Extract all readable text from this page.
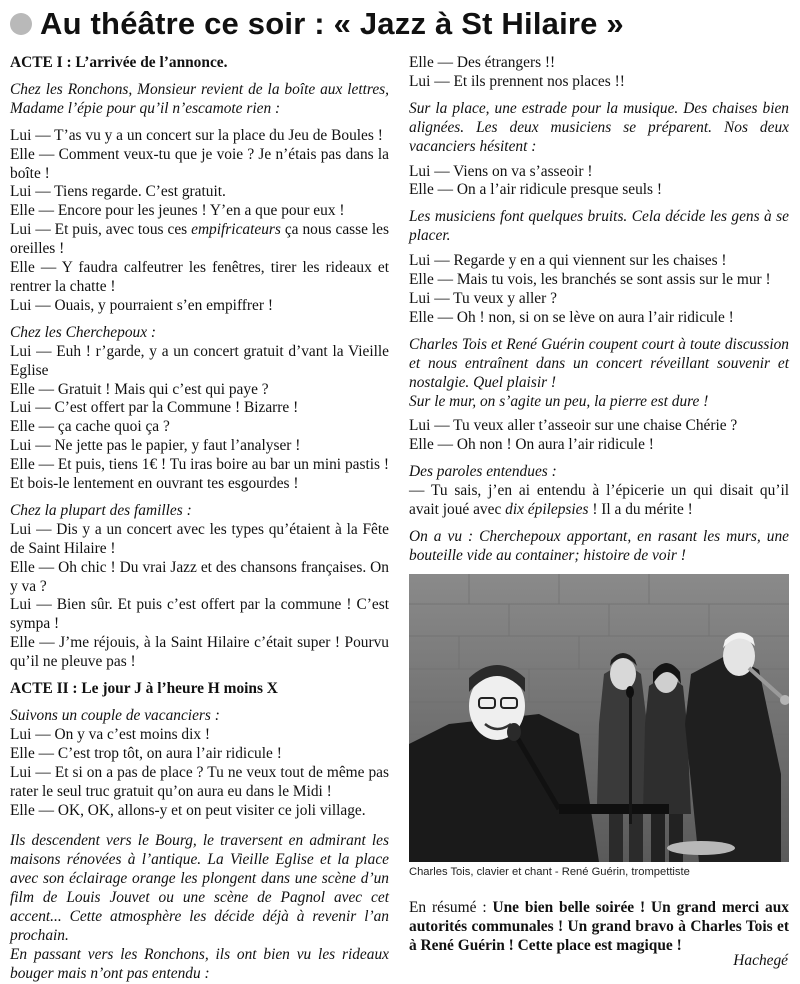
Au théâtre ce soir : « Jazz à St Hilaire »

ACTE I : L’arrivée de l’annonce.

Chez les Ronchons, Monsieur revient de la boîte aux lettres, Madame l’épie pour qu’il n’escamote rien :

Lui — T’as vu y a un concert sur la place du Jeu de Boules !

Elle — Comment veux-tu que je voie ? Je n’étais pas dans la boîte !

Lui — Tiens regarde. C’est gratuit.

Elle — Encore pour les jeunes ! Y’en a que pour eux !

Lui — Et puis, avec tous ces empifricateurs ça nous casse les oreilles !

Elle — Y faudra calfeutrer les fenêtres, tirer les rideaux et rentrer la chatte !

Lui — Ouais, y pourraient s’en empiffrer !

Chez les Cherchepoux :

Lui — Euh ! r’garde, y a un concert gratuit d’vant la Vieille Eglise

Elle — Gratuit ! Mais qui c’est qui paye ?

Lui — C’est offert par la Commune ! Bizarre !

Elle — ça cache quoi ça ?

Lui — Ne jette pas le papier, y faut l’analyser !

Elle — Et puis, tiens 1€ ! Tu iras boire au bar un mini pastis ! Et bois-le lentement en ouvrant tes esgourdes !

Chez la plupart des familles :

Lui — Dis y a un concert avec les types qu’étaient à la Fête de Saint Hilaire !

Elle — Oh chic ! Du vrai Jazz et des chansons françaises. On y va ?

Lui — Bien sûr. Et puis c’est offert par la commune ! C’est sympa !

Elle — J’me réjouis, à la Saint Hilaire c’était super ! Pourvu qu’il ne pleuve pas !

ACTE II : Le jour J à l’heure H moins X

Suivons un couple de vacanciers :

Lui — On y va c’est moins dix !

Elle — C’est trop tôt, on aura l’air ridicule !

Lui — Et si on a pas de place ? Tu ne veux tout de même pas rater le seul truc gratuit qu’on aura eu dans le Midi !

Elle — OK, OK, allons-y et on peut visiter ce joli village.

Ils descendent vers le Bourg, le traversent en admirant les maisons rénovées à l’antique. La Vieille Eglise et la place avec son éclairage orange les plongent dans une scène d’un film de Louis Jouvet ou une scène de Pagnol avec cet accent... Cette atmosphère les décide déjà à revenir l’an prochain.

En passant vers les Ronchons, ils ont bien vu les rideaux bouger mais n’ont pas entendu :

Elle — Des étrangers !!

Lui — Et ils prennent nos places !!

Sur la place, une estrade pour la musique. Des chaises bien alignées. Les deux musiciens se préparent. Nos deux vacanciers hésitent :

Lui — Viens on va s’asseoir !

Elle — On a l’air ridicule presque seuls !

Les musiciens font quelques bruits. Cela décide les gens à se placer.

Lui — Regarde y en a qui viennent sur les chaises !

Elle — Mais tu vois, les branchés se sont assis sur le mur !

Lui — Tu veux y aller ?

Elle — Oh ! non, si on se lève on aura l’air ridicule !

Charles Tois et René Guérin coupent court à toute discussion et nous entraînent dans un concert réveillant souvenir et nostalgie. Quel plaisir !

Sur le mur, on s’agite un peu, la pierre est dure !

Lui — Tu veux aller t’asseoir sur une chaise Chérie ?

Elle — Oh non ! On aura l’air ridicule !

Des paroles entendues :

— Tu sais, j’en ai entendu à l’épicerie un qui disait qu’il avait joué avec dix épilepsies ! Il a du mérite !

On a vu : Cherchepoux apportant, en rasant les murs, une bouteille vide au container; histoire de voir !

Charles Tois, clavier et chant - René Guérin, trompettiste

En résumé : Une bien belle soirée ! Un grand merci aux autorités communales ! Un grand bravo à Charles Tois et à René Guérin ! Cette place est magique !

Hachegé
